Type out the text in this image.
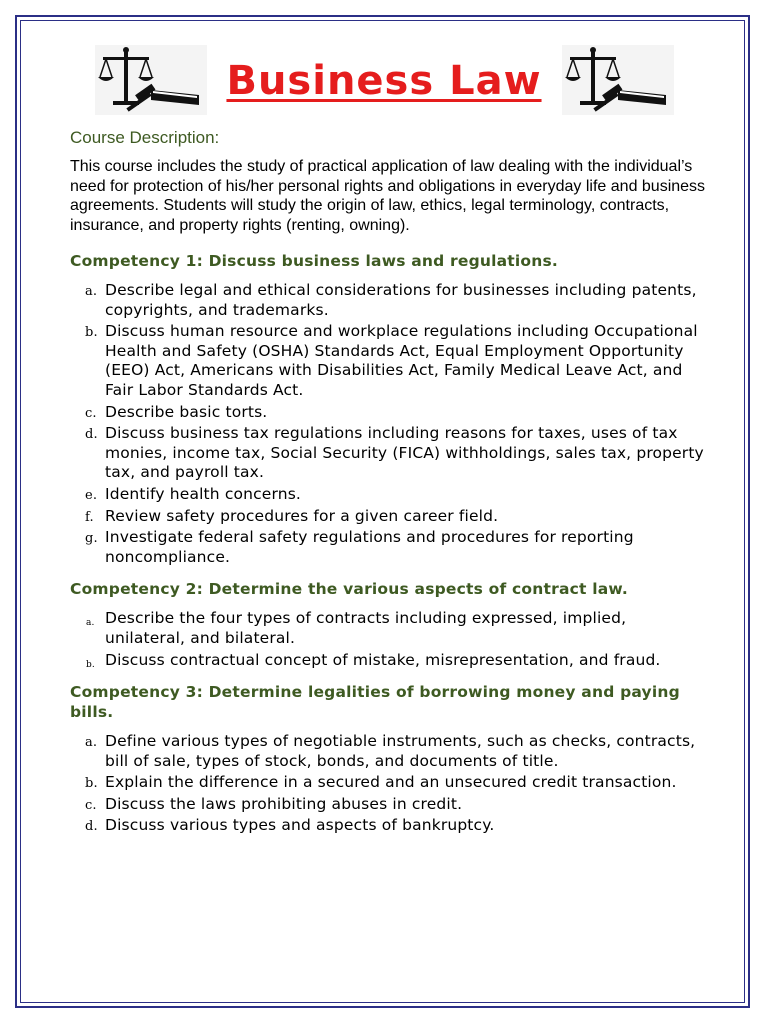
Business Law
Course Description:
This course includes the study of practical application of law dealing with the individual’s need for protection of his/her personal rights and obligations in everyday life and business agreements. Students will study the origin of law, ethics, legal terminology, contracts, insurance, and property rights (renting, owning).
Competency 1: Discuss business laws and regulations.
a. Describe legal and ethical considerations for businesses including patents, copyrights, and trademarks.
b. Discuss human resource and workplace regulations including Occupational Health and Safety (OSHA) Standards Act, Equal Employment Opportunity (EEO) Act, Americans with Disabilities Act, Family Medical Leave Act, and Fair Labor Standards Act.
c. Describe basic torts.
d. Discuss business tax regulations including reasons for taxes, uses of tax monies, income tax, Social Security (FICA) withholdings, sales tax, property tax, and payroll tax.
e. Identify health concerns.
f. Review safety procedures for a given career field.
g. Investigate federal safety regulations and procedures for reporting noncompliance.
Competency 2: Determine the various aspects of contract law.
a. Describe the four types of contracts including expressed, implied, unilateral, and bilateral.
b. Discuss contractual concept of mistake, misrepresentation, and fraud.
Competency 3: Determine legalities of borrowing money and paying bills.
a. Define various types of negotiable instruments, such as checks, contracts, bill of sale, types of stock, bonds, and documents of title.
b. Explain the difference in a secured and an unsecured credit transaction.
c. Discuss the laws prohibiting abuses in credit.
d. Discuss various types and aspects of bankruptcy.
